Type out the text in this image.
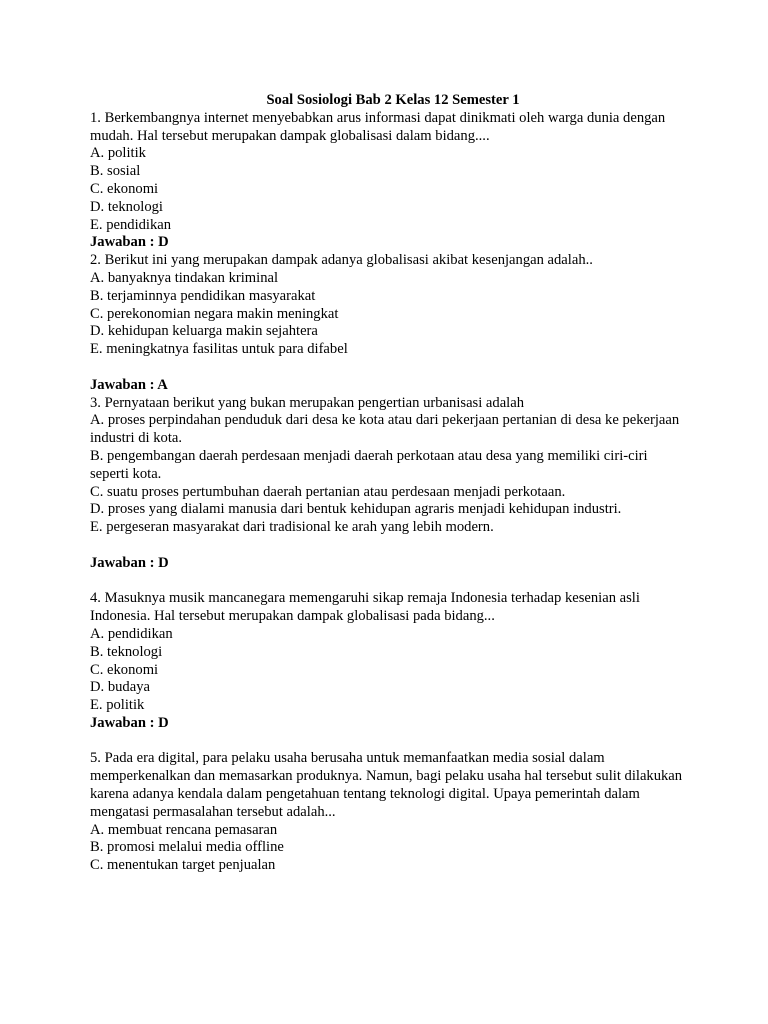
Soal Sosiologi Bab 2 Kelas 12 Semester 1

1. Berkembangnya internet menyebabkan arus informasi dapat dinikmati oleh warga dunia dengan mudah. Hal tersebut merupakan dampak globalisasi dalam bidang....

A. politik

B. sosial

C. ekonomi

D. teknologi

E. pendidikan

Jawaban : D

2. Berikut ini yang merupakan dampak adanya globalisasi akibat kesenjangan adalah..

A. banyaknya tindakan kriminal

B. terjaminnya pendidikan masyarakat

C. perekonomian negara makin meningkat

D. kehidupan keluarga makin sejahtera

E. meningkatnya fasilitas untuk para difabel

Jawaban : A

3. Pernyataan berikut yang bukan merupakan pengertian urbanisasi adalah

A. proses perpindahan penduduk dari desa ke kota atau dari pekerjaan pertanian di desa ke pekerjaan industri di kota.

B. pengembangan daerah perdesaan menjadi daerah perkotaan atau desa yang memiliki ciri-ciri seperti kota.

C. suatu proses pertumbuhan daerah pertanian atau perdesaan menjadi perkotaan.

D. proses yang dialami manusia dari bentuk kehidupan agraris menjadi kehidupan industri.

E. pergeseran masyarakat dari tradisional ke arah yang lebih modern.

Jawaban : D

4. Masuknya musik mancanegara memengaruhi sikap remaja Indonesia terhadap kesenian asli Indonesia. Hal tersebut merupakan dampak globalisasi pada bidang...

A. pendidikan

B. teknologi

C. ekonomi

D. budaya

E. politik

Jawaban : D

5. Pada era digital, para pelaku usaha berusaha untuk memanfaatkan media sosial dalam memperkenalkan dan memasarkan produknya. Namun, bagi pelaku usaha hal tersebut sulit dilakukan karena adanya kendala dalam pengetahuan tentang teknologi digital. Upaya pemerintah dalam mengatasi permasalahan tersebut adalah...

A. membuat rencana pemasaran

B. promosi melalui media offline

C. menentukan target penjualan
